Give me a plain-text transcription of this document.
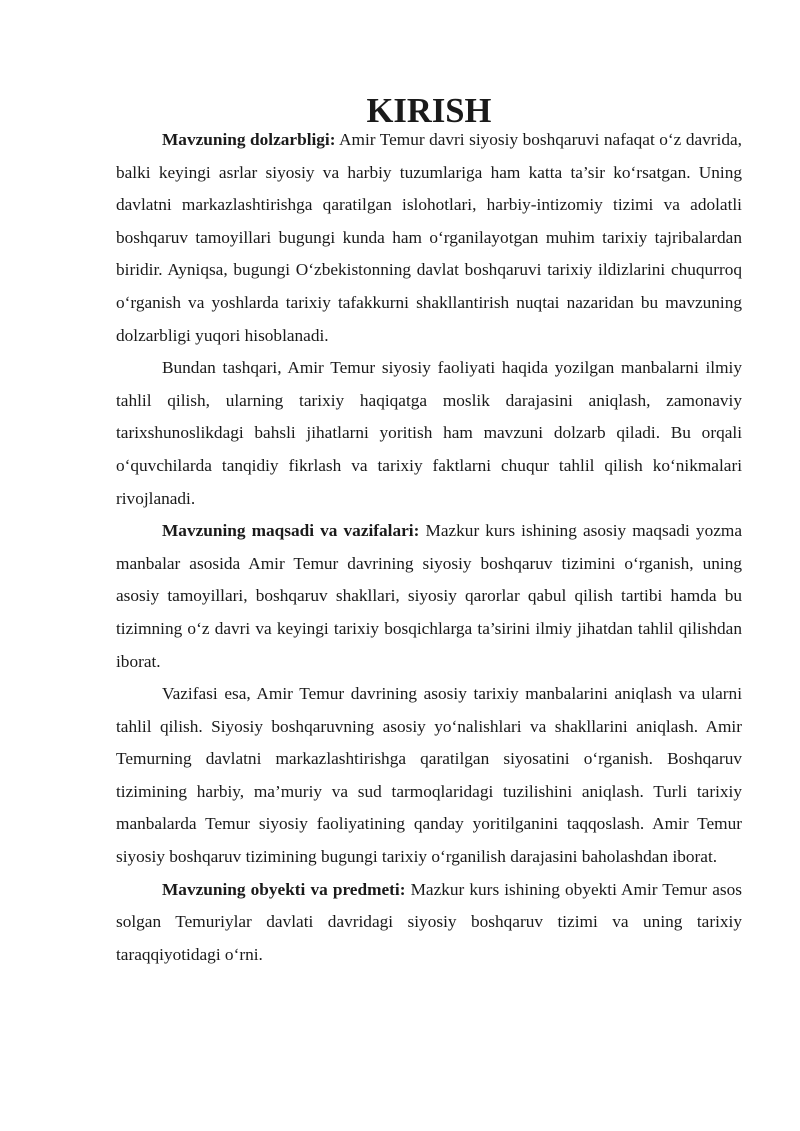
KIRISH

Mavzuning dolzarbligi: Amir Temur davri siyosiy boshqaruvi nafaqat o‘z davrida, balki keyingi asrlar siyosiy va harbiy tuzumlariga ham katta ta’sir ko‘rsatgan. Uning davlatni markazlashtirishga qaratilgan islohotlari, harbiy-intizomiy tizimi va adolatli boshqaruv tamoyillari bugungi kunda ham o‘rganilayotgan muhim tarixiy tajribalardan biridir. Ayniqsa, bugungi O‘zbekistonning davlat boshqaruvi tarixiy ildizlarini chuqurroq o‘rganish va yoshlarda tarixiy tafakkurni shakllantirish nuqtai nazaridan bu mavzuning dolzarbligi yuqori hisoblanadi.

Bundan tashqari, Amir Temur siyosiy faoliyati haqida yozilgan manbalarni ilmiy tahlil qilish, ularning tarixiy haqiqatga moslik darajasini aniqlash, zamonaviy tarixshunoslikdagi bahsli jihatlarni yoritish ham mavzuni dolzarb qiladi. Bu orqali o‘quvchilarda tanqidiy fikrlash va tarixiy faktlarni chuqur tahlil qilish ko‘nikmalari rivojlanadi.

Mavzuning maqsadi va vazifalari: Mazkur kurs ishining asosiy maqsadi yozma manbalar asosida Amir Temur davrining siyosiy boshqaruv tizimini o‘rganish, uning asosiy tamoyillari, boshqaruv shakllari, siyosiy qarorlar qabul qilish tartibi hamda bu tizimning o‘z davri va keyingi tarixiy bosqichlarga ta’sirini ilmiy jihatdan tahlil qilishdan iborat.

Vazifasi esa, Amir Temur davrining asosiy tarixiy manbalarini aniqlash va ularni tahlil qilish. Siyosiy boshqaruvning asosiy yo‘nalishlari va shakllarini aniqlash. Amir Temurning davlatni markazlashtirishga qaratilgan siyosatini o‘rganish. Boshqaruv tizimining harbiy, ma’muriy va sud tarmoqlaridagi tuzilishini aniqlash. Turli tarixiy manbalarda Temur siyosiy faoliyatining qanday yoritilganini taqqoslash. Amir Temur siyosiy boshqaruv tizimining bugungi tarixiy o‘rganilish darajasini baholashdan iborat.

Mavzuning obyekti va predmeti: Mazkur kurs ishining obyekti Amir Temur asos solgan Temuriylar davlati davridagi siyosiy boshqaruv tizimi va uning tarixiy taraqqiyotidagi o‘rni.
